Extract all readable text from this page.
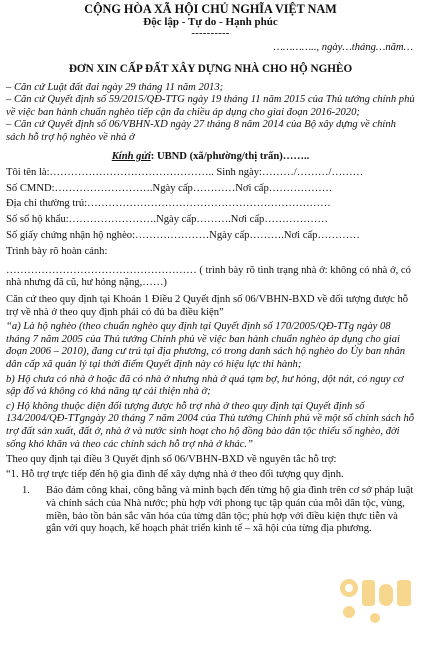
CỘNG HÒA XÃ HỘI CHỦ NGHĨA VIỆT NAM
Độc lập - Tự do - Hạnh phúc
----------
………….., ngày…tháng…năm…
ĐƠN XIN CẤP ĐẤT XÂY DỰNG NHÀ CHO HỘ NGHÈO

– Căn cứ Luật đất đai ngày 29 tháng 11 năm 2013;

– Căn cứ Quyết định số 59/2015/QĐ-TTG ngày 19 tháng 11 năm 2015 của Thủ tướng chính phủ về việc ban hành chuẩn nghèo tiếp cận đa chiều áp dụng cho giai đoạn 2016-2020;

– Căn cứ Quyết định số 06/VBHN-XD ngày 27 tháng 8 năm 2014 của Bộ xây dựng về chính sách hỗ trợ hộ nghèo về nhà ở

Kính gửi: UBND (xã/phường/thị trấn)……..
Tôi tên là:……………………………………….. Sinh ngày:………/………/………
Số CMND:……………………….Ngày cấp…………Nơi cấp………………
Địa chỉ thường trú:……………………………………………………………
Số sổ hộ khẩu:…………………….Ngày cấp……….Nơi cấp………………
Số giấy chứng nhận hộ nghèo:…………………Ngày cấp……….Nơi cấp…………
Trình bày rõ hoàn cảnh:
……………………………………………… ( trình bày rõ tình trạng nhà ở: không có nhà ở, có nhà nhưng đã cũ, hư hỏng nặng,……)
Căn cứ theo quy định tại Khoản 1 Điều 2 Quyết định số 06/VBHN-BXD về đối tượng được hỗ trợ về nhà ở theo quy định phải có đủ ba điều kiện”
“a) Là hộ nghèo (theo chuẩn nghèo quy định tại Quyết định số 170/2005/QĐ-TTg ngày 08 tháng 7 năm 2005 của Thủ tướng Chính phủ về việc ban hành chuẩn nghèo áp dụng cho giai đoạn 2006 – 2010), đang cư trú tại địa phương, có trong danh sách hộ nghèo do Ủy ban nhân dân cấp xã quản lý tại thời điểm Quyết định này có hiệu lực thi hành;
b) Hộ chưa có nhà ở hoặc đã có nhà ở nhưng nhà ở quá tạm bợ, hư hỏng, dột nát, có nguy cơ sập đổ và không có khả năng tự cải thiện nhà ở;
c) Hộ không thuộc diện đối tượng được hỗ trợ nhà ở theo quy định tại Quyết định số 134/2004/QĐ-TTgngày 20 tháng 7 năm 2004 của Thủ tướng Chính phủ về một số chính sách hỗ trợ đất sản xuất, đất ở, nhà ở và nước sinh hoạt cho hộ đồng bào dân tộc thiểu số nghèo, đời sống khó khăn và theo các chính sách hỗ trợ nhà ở khác.”
Theo quy định tại điều 3 Quyết định số 06/VBHN-BXD về nguyên tắc hỗ trợ:
“1. Hỗ trợ trực tiếp đến hộ gia đình để xây dựng nhà ở theo đối tượng quy định.
1.	Bảo đảm công khai, công bằng và minh bạch đến từng hộ gia đình trên cơ sở pháp luật và chính sách của Nhà nước; phù hợp với phong tục tập quán của mỗi dân tộc, vùng, miền, bảo tồn bản sắc văn hóa của từng dân tộc; phù hợp với điều kiện thực tiễn và gắn với quy hoạch, kế hoạch phát triển kinh tế – xã hội của từng địa phương.
